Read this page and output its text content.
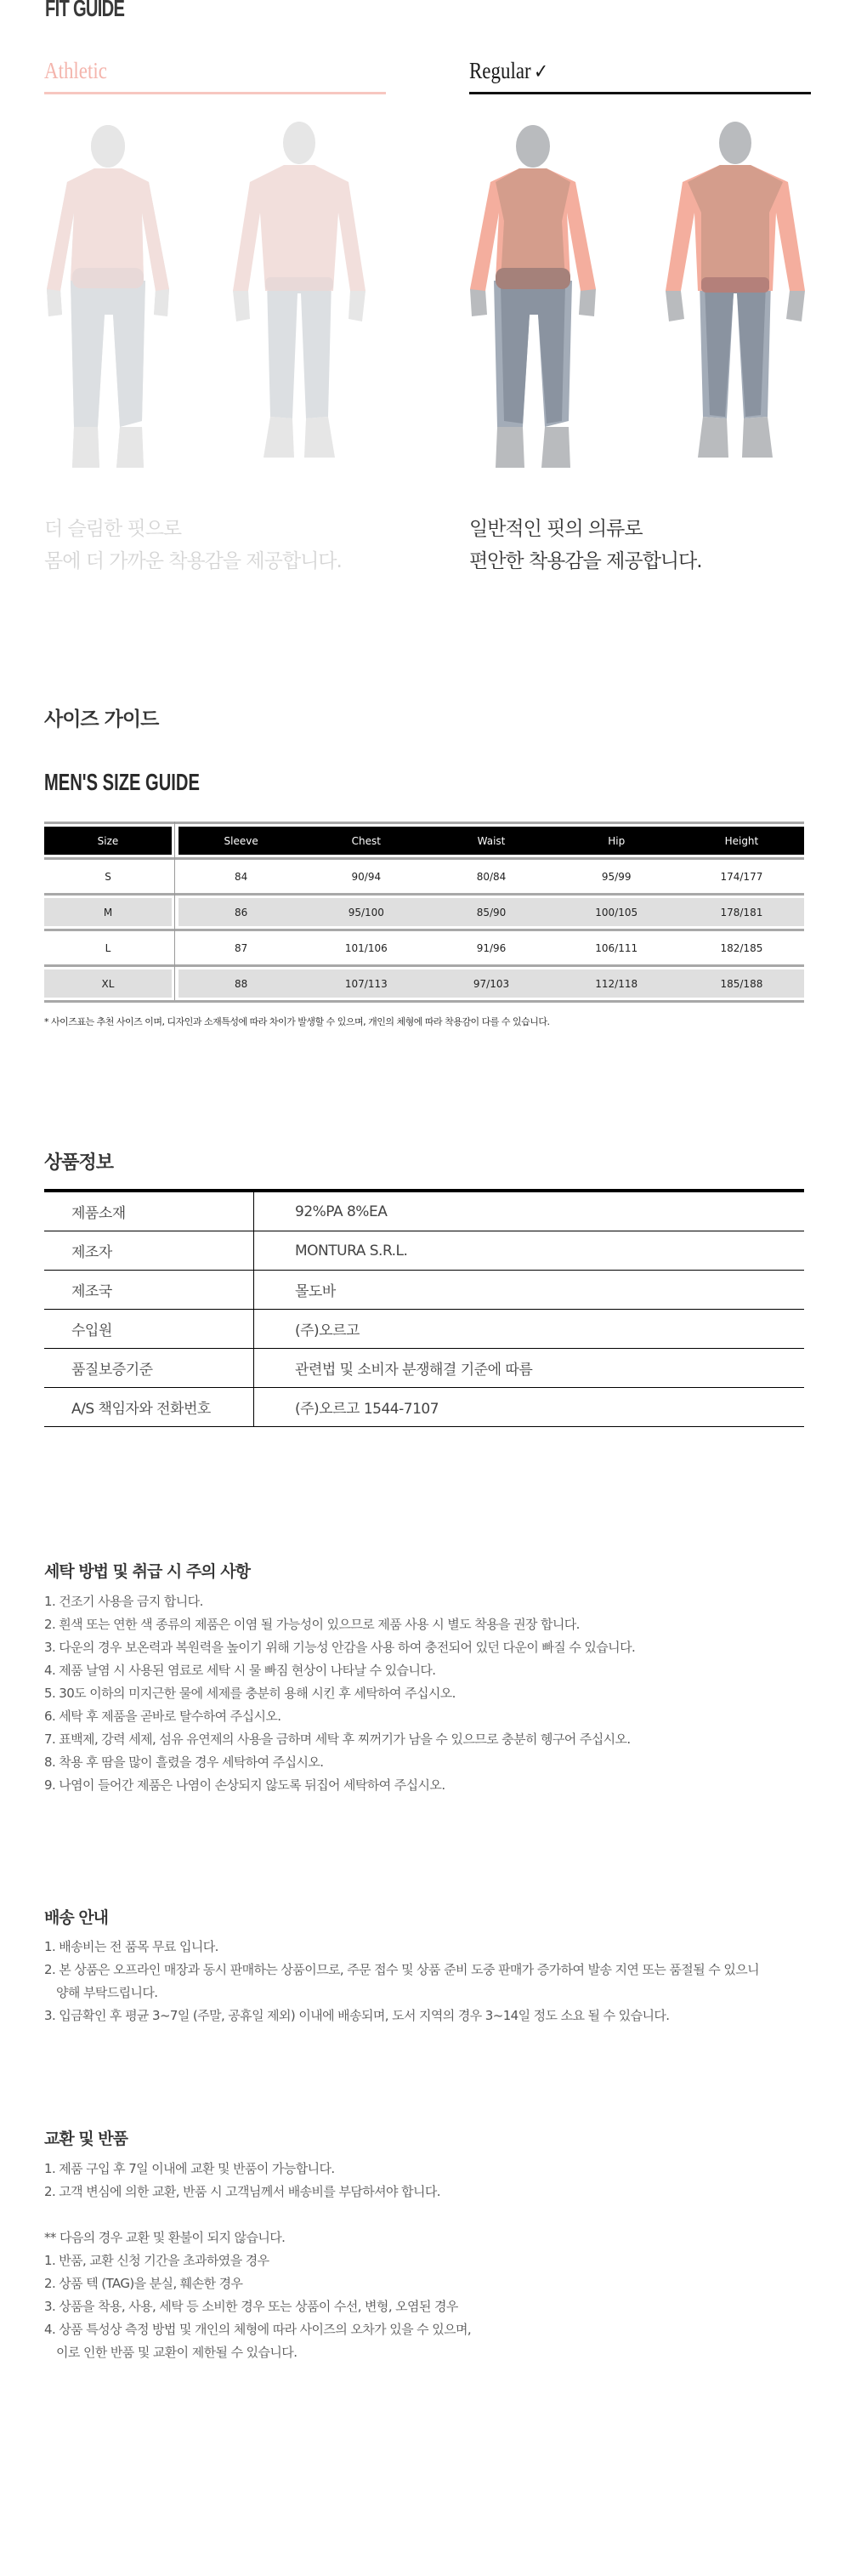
FIT GUIDE
Athletic	Regular ✓
더 슬림한 핏으로
몸에 더 가까운 착용감을 제공합니다.
일반적인 핏의 의류로
편안한 착용감을 제공합니다.
사이즈 가이드
MEN'S SIZE GUIDE
Size	Sleeve	Chest	Waist	Hip	Height
S	84	90/94	80/84	95/99	174/177
M	86	95/100	85/90	100/105	178/181
L	87	101/106	91/96	106/111	182/185
XL	88	107/113	97/103	112/118	185/188
* 사이즈표는 추천 사이즈 이며, 디자인과 소재특성에 따라 차이가 발생할 수 있으며, 개인의 체형에 따라 착용감이 다를 수 있습니다.
상품정보
제품소재	92%PA 8%EA
제조자	MONTURA S.R.L.
제조국	몰도바
수입원	(주)오르고
품질보증기준	관련법 및 소비자 분쟁해결 기준에 따름
A/S 책임자와 전화번호	(주)오르고 1544-7107
세탁 방법 및 취급 시 주의 사항
1. 건조기 사용을 금지 합니다.
2. 흰색 또는 연한 색 종류의 제품은 이염 될 가능성이 있으므로 제품 사용 시 별도 착용을 권장 합니다.
3. 다운의 경우 보온력과 복원력을 높이기 위해 기능성 안감을 사용 하여 충전되어 있던 다운이 빠질 수 있습니다.
4. 제품 날염 시 사용된 염료로 세탁 시 물 빠짐 현상이 나타날 수 있습니다.
5. 30도 이하의 미지근한 물에 세제를 충분히 용해 시킨 후 세탁하여 주십시오.
6. 세탁 후 제품을 곧바로 탈수하여 주십시오.
7. 표백제, 강력 세제, 섬유 유연제의 사용을 금하며 세탁 후 찌꺼기가 남을 수 있으므로 충분히 헹구어 주십시오.
8. 착용 후 땀을 많이 흘렸을 경우 세탁하여 주십시오.
9. 나염이 들어간 제품은 나염이 손상되지 않도록 뒤집어 세탁하여 주십시오.
배송 안내
1. 배송비는 전 품목 무료 입니다.
2. 본 상품은 오프라인 매장과 동시 판매하는 상품이므로, 주문 접수 및 상품 준비 도중 판매가 증가하여 발송 지연 또는 품절될 수 있으니
양해 부탁드립니다.
3. 입금확인 후 평균 3~7일 (주말, 공휴일 제외) 이내에 배송되며, 도서 지역의 경우 3~14일 정도 소요 될 수 있습니다.
교환 및 반품
1. 제품 구입 후 7일 이내에 교환 및 반품이 가능합니다.
2. 고객 변심에 의한 교환, 반품 시 고객님께서 배송비를 부담하셔야 합니다.
** 다음의 경우 교환 및 환불이 되지 않습니다.
1. 반품, 교환 신청 기간을 초과하였을 경우
2. 상품 텍 (TAG)을 분실, 훼손한 경우
3. 상품을 착용, 사용, 세탁 등 소비한 경우 또는 상품이 수선, 변형, 오염된 경우
4. 상품 특성상 측정 방법 및 개인의 체형에 따라 사이즈의 오차가 있을 수 있으며,
이로 인한 반품 및 교환이 제한될 수 있습니다.
